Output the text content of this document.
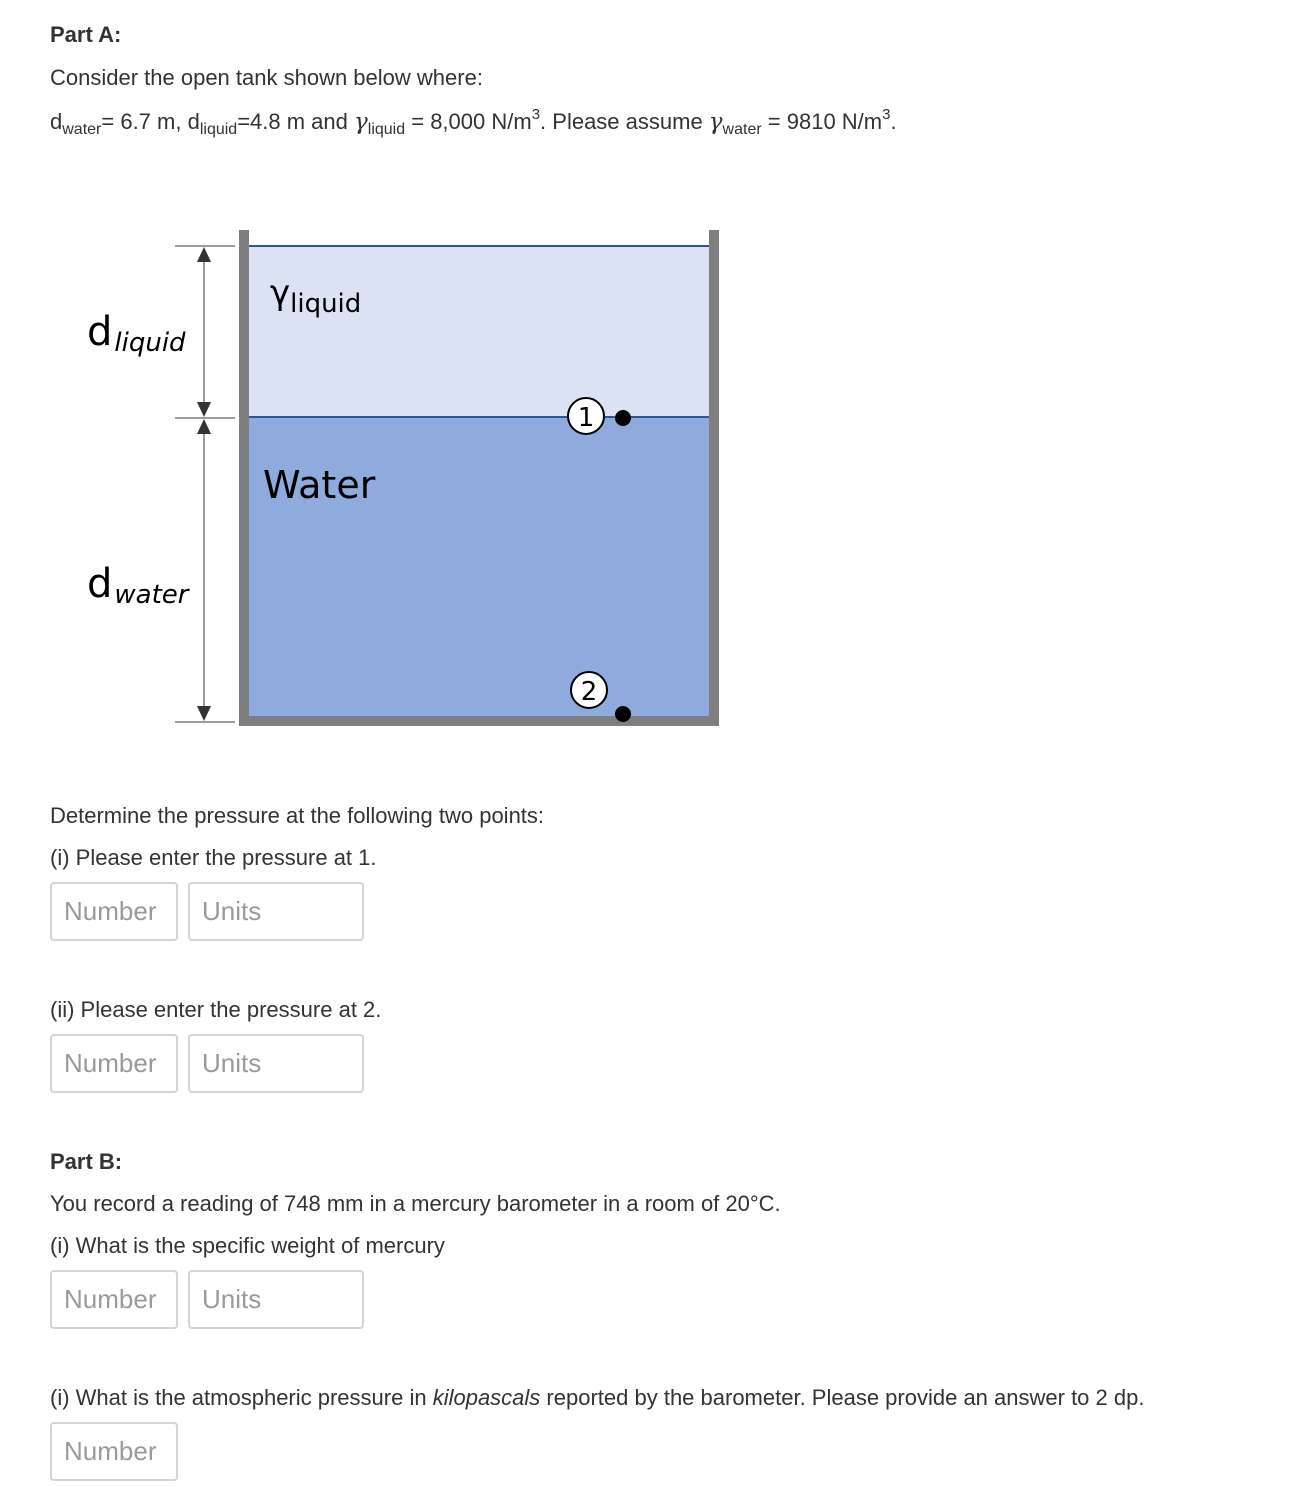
Part A:
Consider the open tank shown below where:
$d_{water}= 6.7$ m, $d_{liquid}=4.8$ m and $\gamma_{liquid} = 8,000$ $N/m^3$. Please assume $\gamma_{water} = 9810$ $N/m^3$.
dliquid
dwater
$\gamma_{liquid}$
Water
1
2
Determine the pressure at the following two points:
(i) Please enter the pressure at 1.
Number
Units
(ii) Please enter the pressure at 2.
Number
Units
Part B:
You record a reading of 748 mm in a mercury barometer in a room of 20°C.
(i) What is the specific weight of mercury
Number
Units
(i) What is the atmospheric pressure in kilopascals reported by the barometer. Please provide an answer to 2 dp.
Number
